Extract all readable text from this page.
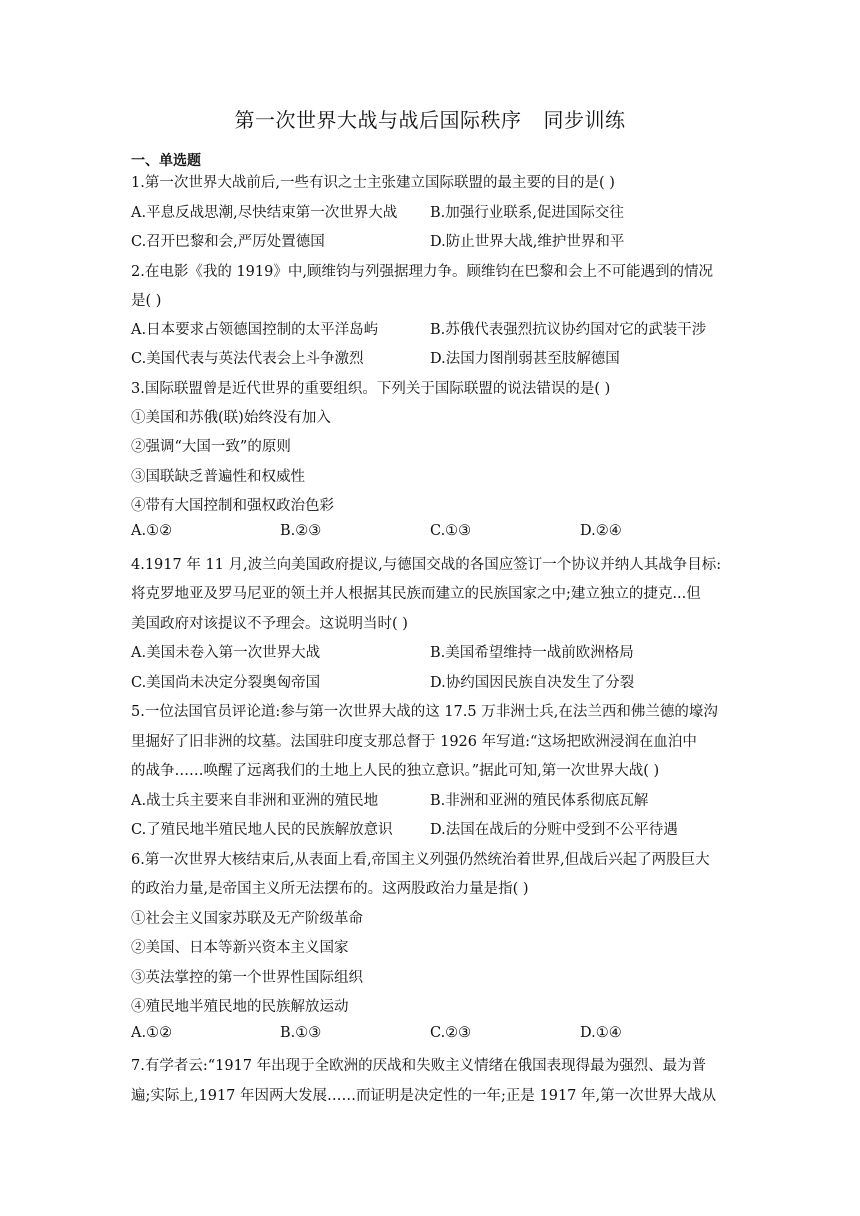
第一次世界大战与战后国际秩序 同步训练
一、单选题
1.第一次世界大战前后,一些有识之士主张建立国际联盟的最主要的目的是( )
A.平息反战思潮,尽快结束第一次世界大战 B.加强行业联系,促进国际交往
C.召开巴黎和会,严厉处置德国	D.防止世界大战,维护世界和平
2.在电影《我的 1919》中,顾维钧与列强据理力争。顾维钧在巴黎和会上不可能遇到的情况
是( )
A.日本要求占领德国控制的太平洋岛屿	B.苏俄代表强烈抗议协约国对它的武装干涉
C.美国代表与英法代表会上斗争激烈	D.法国力图削弱甚至肢解德国
3.国际联盟曾是近代世界的重要组织。下列关于国际联盟的说法错误的是( )
①美国和苏俄(联)始终没有加入
②强调“大国一致”的原则
③国联缺乏普遍性和权威性
④带有大国控制和强权政治色彩
A.①②	B.②③	C.①③	D.②④
4.1917 年 11 月,波兰向美国政府提议,与德国交战的各国应签订一个协议并纳人其战争目标:
将克罗地亚及罗马尼亚的领土并人根据其民族而建立的民族国家之中;建立独立的捷克...但
美国政府对该提议不予理会。这说明当时( )
A.美国未卷入第一次世界大战	B.美国希望维持一战前欧洲格局
C.美国尚未决定分裂奥匈帝国	D.协约国因民族自决发生了分裂
5.一位法国官员评论道:参与第一次世界大战的这 17.5 万非洲士兵,在法兰西和佛兰德的壕沟
里掘好了旧非洲的坟墓。法国驻印度支那总督于 1926 年写道:“这场把欧洲浸润在血泊中
的战争……唤醒了远离我们的土地上人民的独立意识。”据此可知,第一次世界大战( )
A.战士兵主要来自非洲和亚洲的殖民地	B.非洲和亚洲的殖民体系彻底瓦解
C.了殖民地半殖民地人民的民族解放意识	D.法国在战后的分赃中受到不公平待遇
6.第一次世界大核结束后,从表面上看,帝国主义列强仍然统治着世界,但战后兴起了两股巨大
的政治力量,是帝国主义所无法摆布的。这两股政治力量是指( )
①社会主义国家苏联及无产阶级革命
②美国、日本等新兴资本主义国家
③英法掌控的第一个世界性国际组织
④殖民地半殖民地的民族解放运动
A.①②	B.①③	C.②③	D.①④
7.有学者云:“1917 年出现于全欧洲的厌战和失败主义情绪在俄国表现得最为强烈、最为普
遍;实际上,1917 年因两大发展……而证明是决定性的一年;正是 1917 年,第一次世界大战从
